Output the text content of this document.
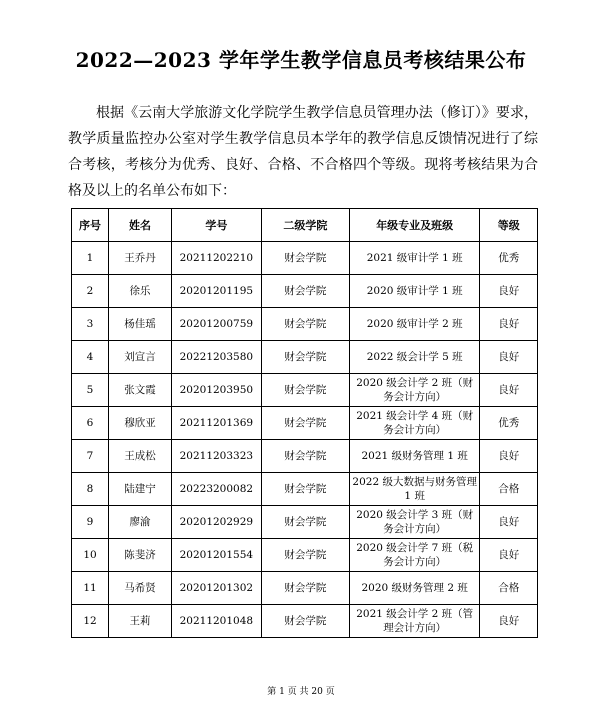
2022—2023 学年学生教学信息员考核结果公布
根据《云南大学旅游文化学院学生教学信息员管理办法（修订）》要求，教学质量监控办公室对学生教学信息员本学年的教学信息反馈情况进行了综合考核，考核分为优秀、良好、合格、不合格四个等级。现将考核结果为合格及以上的名单公布如下：
序号	姓名	学号	二级学院	年级专业及班级	等级
1	王乔丹	20211202210	财会学院	2021 级审计学 1 班	优秀
2	徐乐	20201201195	财会学院	2020 级审计学 1 班	良好
3	杨佳瑶	20201200759	财会学院	2020 级审计学 2 班	良好
4	刘宣言	20221203580	财会学院	2022 级会计学 5 班	良好
5	张文霞	20201203950	财会学院	2020 级会计学 2 班（财务会计方向）	良好
6	穆欣亚	20211201369	财会学院	2021 级会计学 4 班（财务会计方向）	优秀
7	王成松	20211203323	财会学院	2021 级财务管理 1 班	良好
8	陆建宁	20223200082	财会学院	2022 级大数据与财务管理 1 班	合格
9	廖渝	20201202929	财会学院	2020 级会计学 3 班（财务会计方向）	良好
10	陈斐济	20201201554	财会学院	2020 级会计学 7 班（税务会计方向）	良好
11	马希贤	20201201302	财会学院	2020 级财务管理 2 班	合格
12	王莉	20211201048	财会学院	2021 级会计学 2 班（管理会计方向）	良好
第 1 页 共 20 页
